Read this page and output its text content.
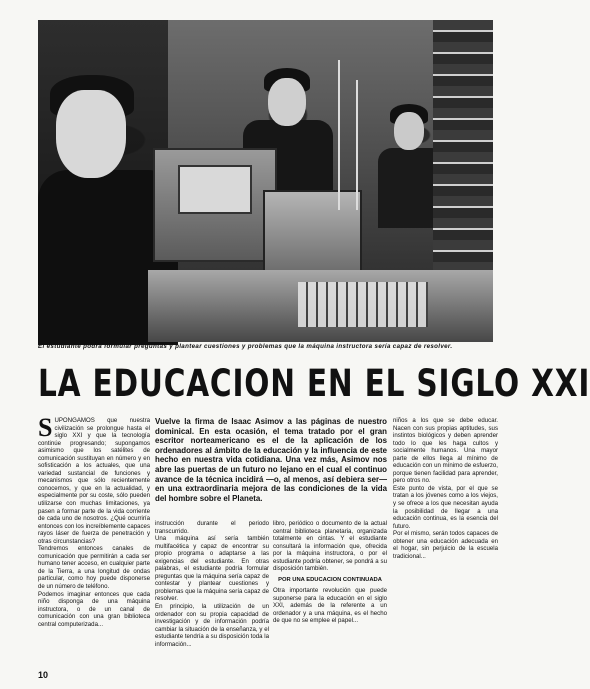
El estudiante podrá formular preguntas y plantear cuestiones y problemas que la máquina instructora sería capaz de resolver.
LA EDUCACION EN EL SIGLO XXI

SUPONGAMOS que nuestra civilización se prolongue hasta el siglo XXI y que la tecnología continúe progresando; supongamos asimismo que los satélites de comunicación sustituyan en número y en sofisticación a los actuales, que una variedad sustancial de funciones y mecanismos que sólo recientemente conocemos, y que en la actualidad, y especialmente por su coste, sólo pueden utilizarse con muchas limitaciones, ya pasen a formar parte de la vida corriente de cada uno de nosotros. ¿Qué ocurriría entonces con los increíblemente capaces rayos láser de fuerza de penetración y otras circunstancias?

Tendremos entonces canales de comunicación que permitirán a cada ser humano tener acceso, en cualquier parte de la Tierra, a una longitud de ondas particular, como hoy puede disponerse de un número de teléfono.

Podemos imaginar entonces que cada niño disponga de una máquina instructora, o de un canal de comunicación con una gran biblioteca central computerizada...

Vuelve la firma de Isaac Asimov a las páginas de nuestro dominical. En esta ocasión, el tema tratado por el gran escritor norteamericano es el de la aplicación de los ordenadores al ámbito de la educación y la influencia de este hecho en nuestra vida cotidiana. Una vez más, Asimov nos abre las puertas de un futuro no lejano en el cual el continuo avance de la técnica incidirá —o, al menos, así debiera ser— en una extraordinaria mejora de las condiciones de la vida del hombre sobre el Planeta.

instrucción durante el periodo transcurrido.

Una máquina así sería también multifacética y capaz de encontrar su propio programa o adaptarse a las exigencias del estudiante. En otras palabras, el estudiante podría formular preguntas que la máquina sería capaz de contestar y plantear cuestiones y problemas que la máquina sería capaz de resolver.

En principio, la utilización de un ordenador con su propia capacidad de investigación y de información podría cambiar la situación de la enseñanza, y el estudiante tendría a su disposición toda la información...

libro, periódico o documento de la actual central biblioteca planetaria, organizada totalmente en cintas. Y el estudiante consultará la información que, ofrecida por la máquina instructora, o por el estudiante podría obtener, se pondrá a su disposición también.

POR UNA EDUCACION CONTINUADA

Otra importante revolución que puede suponerse para la educación en el siglo XXI, además de la referente a un ordenador y a una máquina, es el hecho de que no se emplee el papel...

niños a los que se debe educar. Nacen con sus propias aptitudes, sus instintos biológicos y deben aprender todo lo que les haga cultos y socialmente humanos. Una mayor parte de ellos llega al mínimo de educación con un mínimo de esfuerzo, porque tienen facilidad para aprender, pero otros no.

Este punto de vista, por el que se tratan a los jóvenes como a los viejos, y se ofrece a los que necesitan ayuda la posibilidad de llegar a una educación continua, es la esencia del futuro.

Por el mismo, serán todos capaces de obtener una educación adecuada en el hogar, sin perjuicio de la escuela tradicional...

10
